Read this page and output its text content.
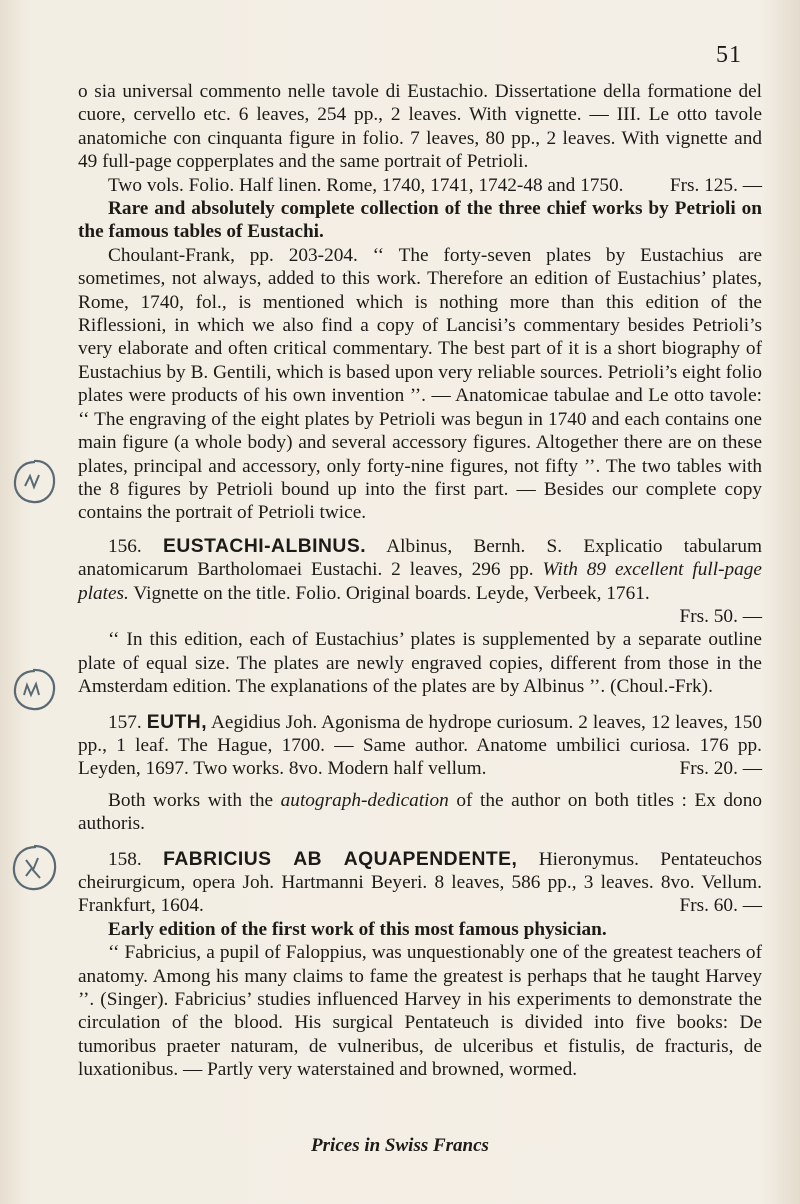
51

o sia universal commento nelle tavole di Eustachio. Dissertatione della formatione del cuore, cervello etc. 6 leaves, 254 pp., 2 leaves. With vignette. — III. Le otto tavole anatomiche con cinquanta figure in folio. 7 leaves, 80 pp., 2 leaves. With vignette and 49 full-page copperplates and the same portrait of Petrioli.

Two vols. Folio. Half linen. Rome, 1740, 1741, 1742-48 and 1750.	Frs. 125. —

Rare and absolutely complete collection of the three chief works by Petrioli on the famous tables of Eustachi.

Choulant-Frank, pp. 203-204. ‘‘ The forty-seven plates by Eustachius are sometimes, not always, added to this work. Therefore an edition of Eustachius’ plates, Rome, 1740, fol., is mentioned which is nothing more than this edition of the Riflessioni, in which we also find a copy of Lancisi’s commentary besides Petrioli’s very elaborate and often critical commentary. The best part of it is a short biography of Eustachius by B. Gentili, which is based upon very reliable sources. Petrioli’s eight folio plates were products of his own invention ’’. — Anatomicae tabulae and Le otto tavole: ‘‘ The engraving of the eight plates by Petrioli was begun in 1740 and each contains one main figure (a whole body) and several accessory figures. Altogether there are on these plates, principal and accessory, only forty-nine figures, not fifty ’’. The two tables with the 8 figures by Petrioli bound up into the first part. — Besides our complete copy contains the portrait of Petrioli twice.

156. EUSTACHI-ALBINUS. Albinus, Bernh. S. Explicatio tabularum anatomicarum Bartholomaei Eustachi. 2 leaves, 296 pp. With 89 excellent full-page plates. Vignette on the title. Folio. Original boards. Leyde, Verbeek, 1761.
Frs. 50. —

‘‘ In this edition, each of Eustachius’ plates is supplemented by a separate outline plate of equal size. The plates are newly engraved copies, different from those in the Amsterdam edition. The explanations of the plates are by Albinus ’’. (Choul.-Frk).

157. EUTH, Aegidius Joh. Agonisma de hydrope curiosum. 2 leaves, 12 leaves, 150 pp., 1 leaf. The Hague, 1700. — Same author. Anatome umbilici curiosa. 176 pp. Leyden, 1697. Two works. 8vo. Modern half vellum.	Frs. 20. —

Both works with the autograph-dedication of the author on both titles : Ex dono authoris.

158. FABRICIUS AB AQUAPENDENTE, Hieronymus. Pentateuchos cheirurgicum, opera Joh. Hartmanni Beyeri. 8 leaves, 586 pp., 3 leaves. 8vo. Vellum. Frankfurt, 1604.	Frs. 60. —

Early edition of the first work of this most famous physician.

‘‘ Fabricius, a pupil of Faloppius, was unquestionably one of the greatest teachers of anatomy. Among his many claims to fame the greatest is perhaps that he taught Harvey ’’. (Singer). Fabricius’ studies influenced Harvey in his experiments to demonstrate the circulation of the blood. His surgical Pentateuch is divided into five books: De tumoribus praeter naturam, de vulneribus, de ulceribus et fistulis, de fracturis, de luxationibus. — Partly very waterstained and browned, wormed.

Prices in Swiss Francs
